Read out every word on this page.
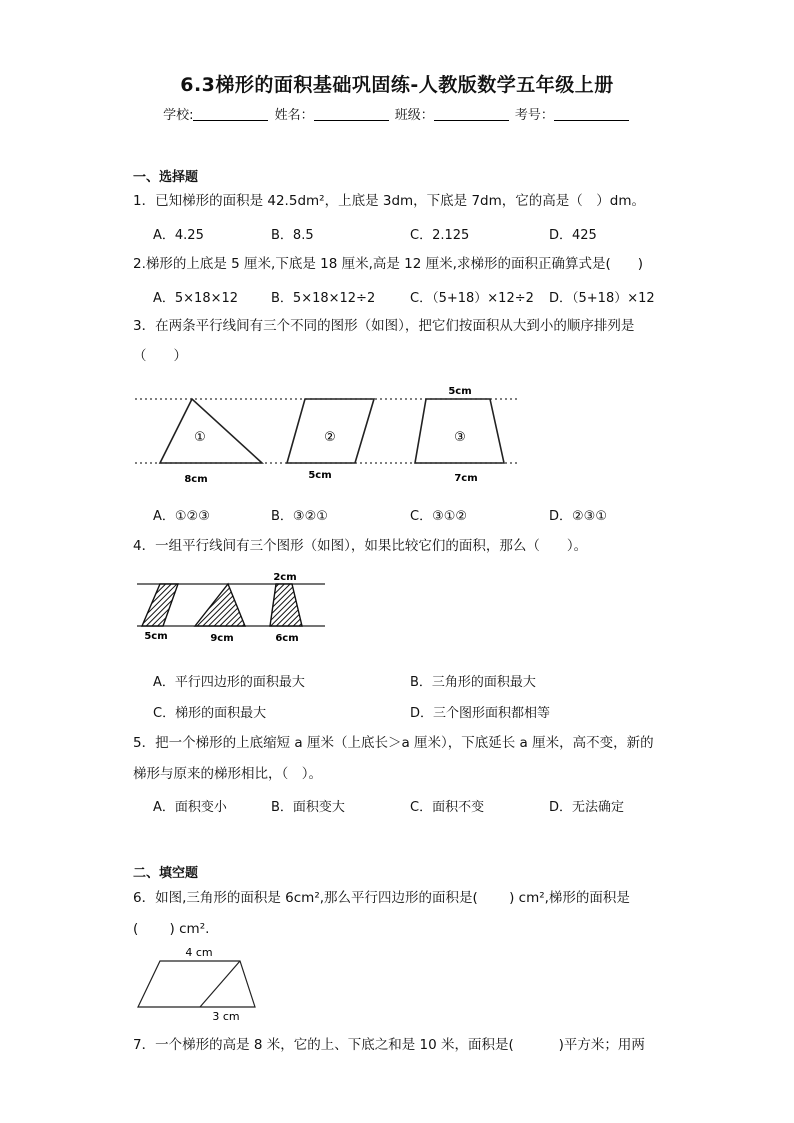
6.3梯形的面积基础巩固练-人教版数学五年级上册
学校:	姓名：	班级：	考号：
一、选择题
1．已知梯形的面积是 42.5dm²，上底是 3dm，下底是 7dm，它的高是（　）dm。
A．4.25	B．8.5	C．2.125	D．425
2.梯形的上底是 5 厘米,下底是 18 厘米,高是 12 厘米,求梯形的面积正确算式是(　　)
A．5×18×12	B．5×18×12÷2	C．（5+18）×12÷2 D．（5+18）×12
3．在两条平行线间有三个不同的图形（如图），把它们按面积从大到小的顺序排列是
（　　）
①	②	③
8cm	5cm	7cm
5cm
A．①②③	B．③②①	C．③①②	D．②③①
4．一组平行线间有三个图形（如图），如果比较它们的面积，那么（　　）。
2cm
5cm	9cm	6cm
A．平行四边形的面积最大	B．三角形的面积最大
C．梯形的面积最大	D．三个图形面积都相等
5．把一个梯形的上底缩短 a 厘米（上底长＞a 厘米），下底延长 a 厘米，高不变，新的
梯形与原来的梯形相比，（　）。
A．面积变小	B．面积变大	C．面积不变	D．无法确定
二、填空题
6．如图,三角形的面积是 6cm²,那么平行四边形的面积是(　　 ) cm²,梯形的面积是
(　　 ) cm².
4 cm
3 cm
7．一个梯形的高是 8 米，它的上、下底之和是 10 米，面积是(　　　 )平方米；用两
